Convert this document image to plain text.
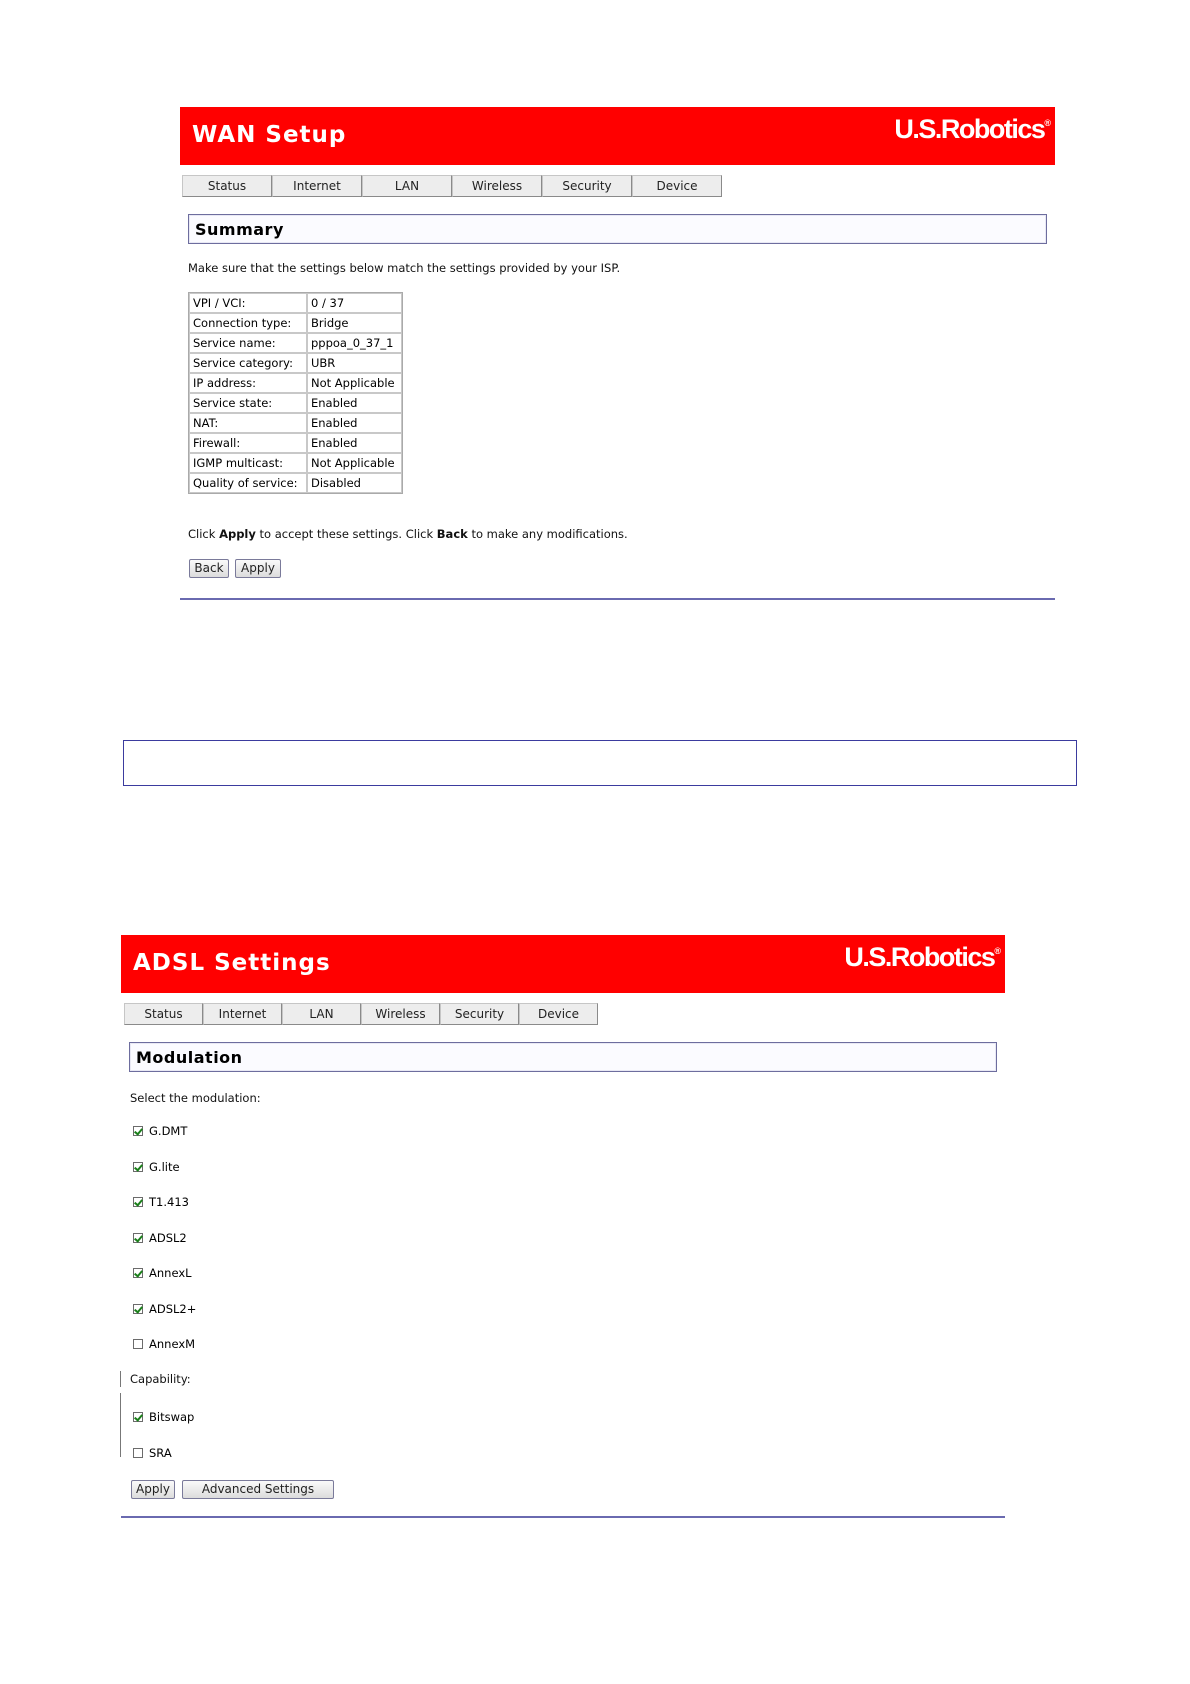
WAN Setup	U.S.Robotics®
Status	Internet	LAN	Wireless	Security	Device
Summary
Make sure that the settings below match the settings provided by your ISP.
VPI / VCI:	0 / 37
Connection type:	Bridge
Service name:	pppoa_0_37_1
Service category:	UBR
IP address:	Not Applicable
Service state:	Enabled
NAT:	Enabled
Firewall:	Enabled
IGMP multicast:	Not Applicable
Quality of service:	Disabled
Click Apply to accept these settings. Click Back to make any modifications.
Back	Apply
ADSL Settings	U.S.Robotics®
Status	Internet	LAN	Wireless	Security	Device
Modulation
Select the modulation:
G.DMT
G.lite
T1.413
ADSL2
AnnexL
ADSL2+
AnnexM
Capability:
Bitswap
SRA
Apply	Advanced Settings
